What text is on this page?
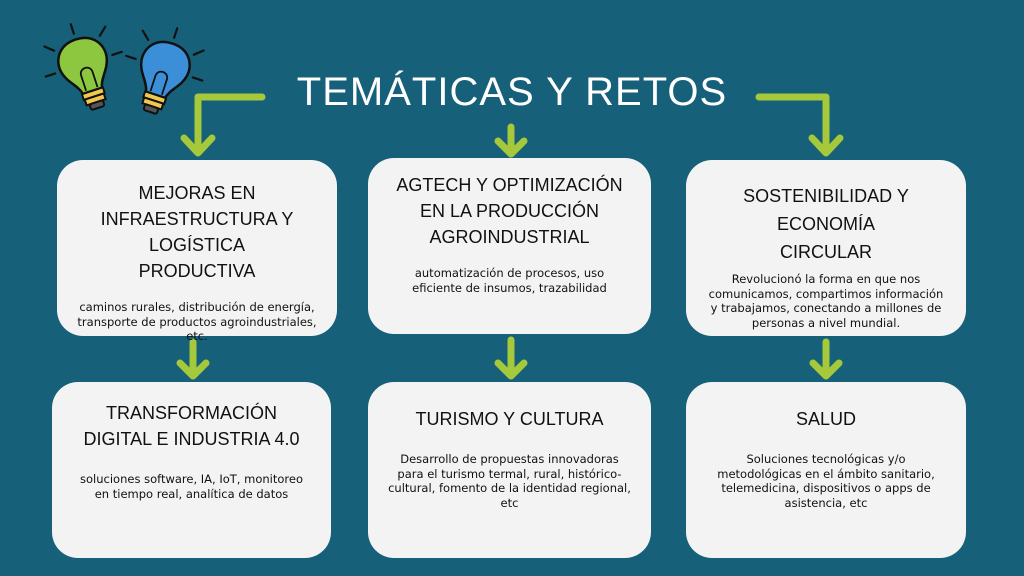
TEMÁTICAS Y RETOS
MEJORAS EN INFRAESTRUCTURA Y LOGÍSTICA PRODUCTIVA

caminos rurales, distribución de energía, transporte de productos agroindustriales, etc.

AGTECH Y OPTIMIZACIÓN EN LA PRODUCCIÓN AGROINDUSTRIAL

automatización de procesos, uso eficiente de insumos, trazabilidad

SOSTENIBILIDAD Y ECONOMÍA CIRCULAR

Revolucionó la forma en que nos comunicamos, compartimos información y trabajamos, conectando a millones de personas a nivel mundial.

TRANSFORMACIÓN DIGITAL E INDUSTRIA 4.0

soluciones software, IA, IoT, monitoreo en tiempo real, analítica de datos

TURISMO Y CULTURA

Desarrollo de propuestas innovadoras para el turismo termal, rural, histórico-cultural, fomento de la identidad regional, etc

SALUD

Soluciones tecnológicas y/o metodológicas en el ámbito sanitario, telemedicina, dispositivos o apps de asistencia, etc
